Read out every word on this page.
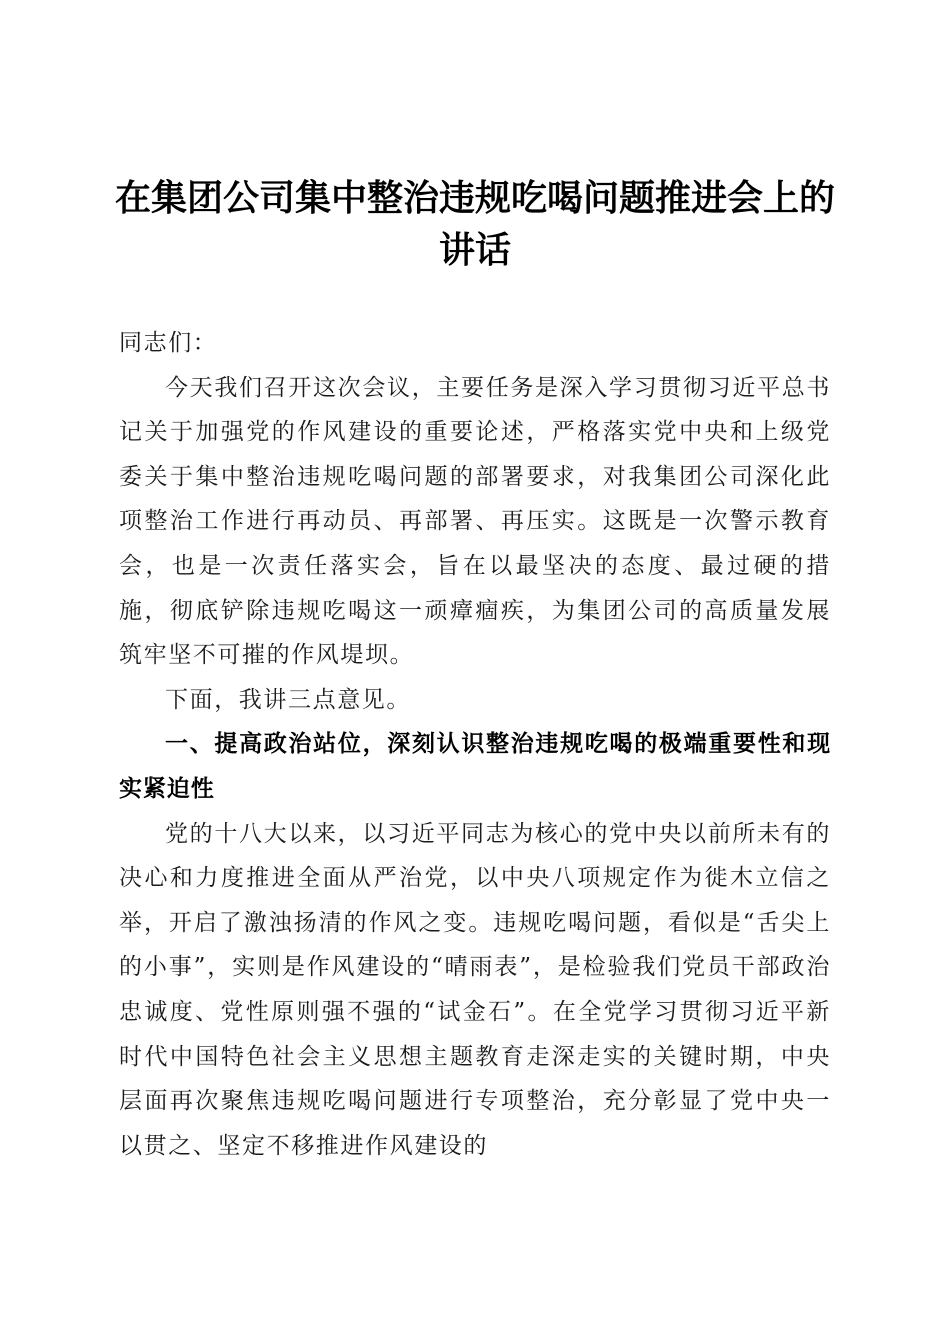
在集团公司集中整治违规吃喝问题推进会上的讲话

同志们：

今天我们召开这次会议，主要任务是深入学习贯彻习近平总书记关于加强党的作风建设的重要论述，严格落实党中央和上级党委关于集中整治违规吃喝问题的部署要求，对我集团公司深化此项整治工作进行再动员、再部署、再压实。这既是一次警示教育会，也是一次责任落实会，旨在以最坚决的态度、最过硬的措施，彻底铲除违规吃喝这一顽瘴痼疾，为集团公司的高质量发展筑牢坚不可摧的作风堤坝。

下面，我讲三点意见。

一、提高政治站位，深刻认识整治违规吃喝的极端重要性和现实紧迫性

党的十八大以来，以习近平同志为核心的党中央以前所未有的决心和力度推进全面从严治党，以中央八项规定作为徙木立信之举，开启了激浊扬清的作风之变。违规吃喝问题，看似是“舌尖上的小事”，实则是作风建设的“晴雨表”，是检验我们党员干部政治忠诚度、党性原则强不强的“试金石”。在全党学习贯彻习近平新时代中国特色社会主义思想主题教育走深走实的关键时期，中央层面再次聚焦违规吃喝问题进行专项整治，充分彰显了党中央一以贯之、坚定不移推进作风建设的
